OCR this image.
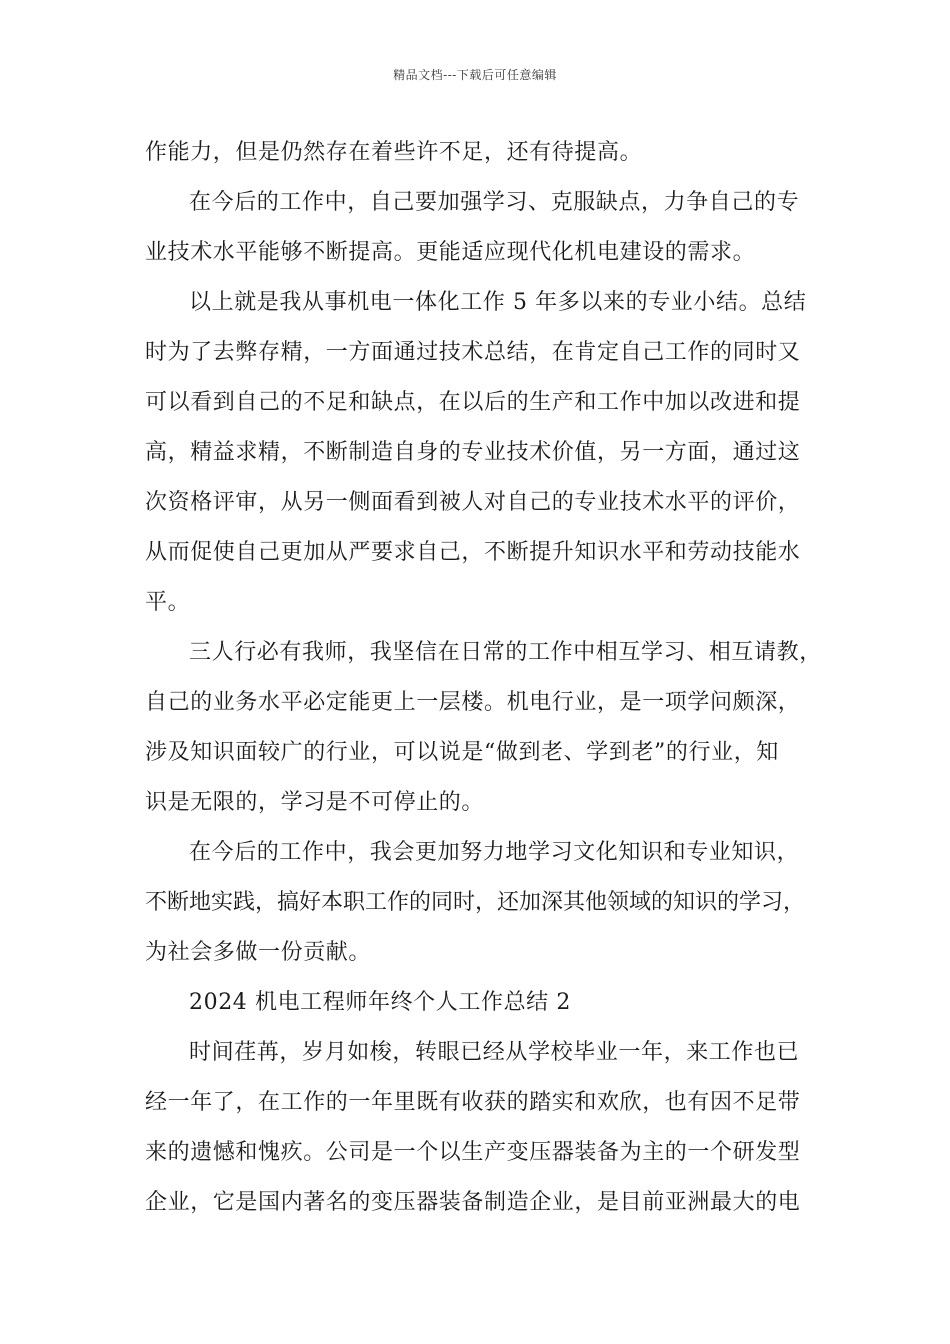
精品文档---下载后可任意编辑
作能力，但是仍然存在着些许不足，还有待提高。
在今后的工作中，自己要加强学习、克服缺点，力争自己的专
业技术水平能够不断提高。更能适应现代化机电建设的需求。
以上就是我从事机电一体化工作 5 年多以来的专业小结。总结
时为了去弊存精，一方面通过技术总结，在肯定自己工作的同时又
可以看到自己的不足和缺点，在以后的生产和工作中加以改进和提
高，精益求精，不断制造自身的专业技术价值，另一方面，通过这
次资格评审，从另一侧面看到被人对自己的专业技术水平的评价，
从而促使自己更加从严要求自己，不断提升知识水平和劳动技能水
平。
三人行必有我师，我坚信在日常的工作中相互学习、相互请教，
自己的业务水平必定能更上一层楼。机电行业，是一项学问颇深，
涉及知识面较广的行业，可以说是“做到老、学到老”的行业，知
识是无限的，学习是不可停止的。
在今后的工作中，我会更加努力地学习文化知识和专业知识，
不断地实践，搞好本职工作的同时，还加深其他领域的知识的学习，
为社会多做一份贡献。
2024 机电工程师年终个人工作总结 2
时间荏苒，岁月如梭，转眼已经从学校毕业一年，来工作也已
经一年了，在工作的一年里既有收获的踏实和欢欣，也有因不足带
来的遗憾和愧疚。公司是一个以生产变压器装备为主的一个研发型
企业，它是国内著名的变压器装备制造企业，是目前亚洲最大的电
